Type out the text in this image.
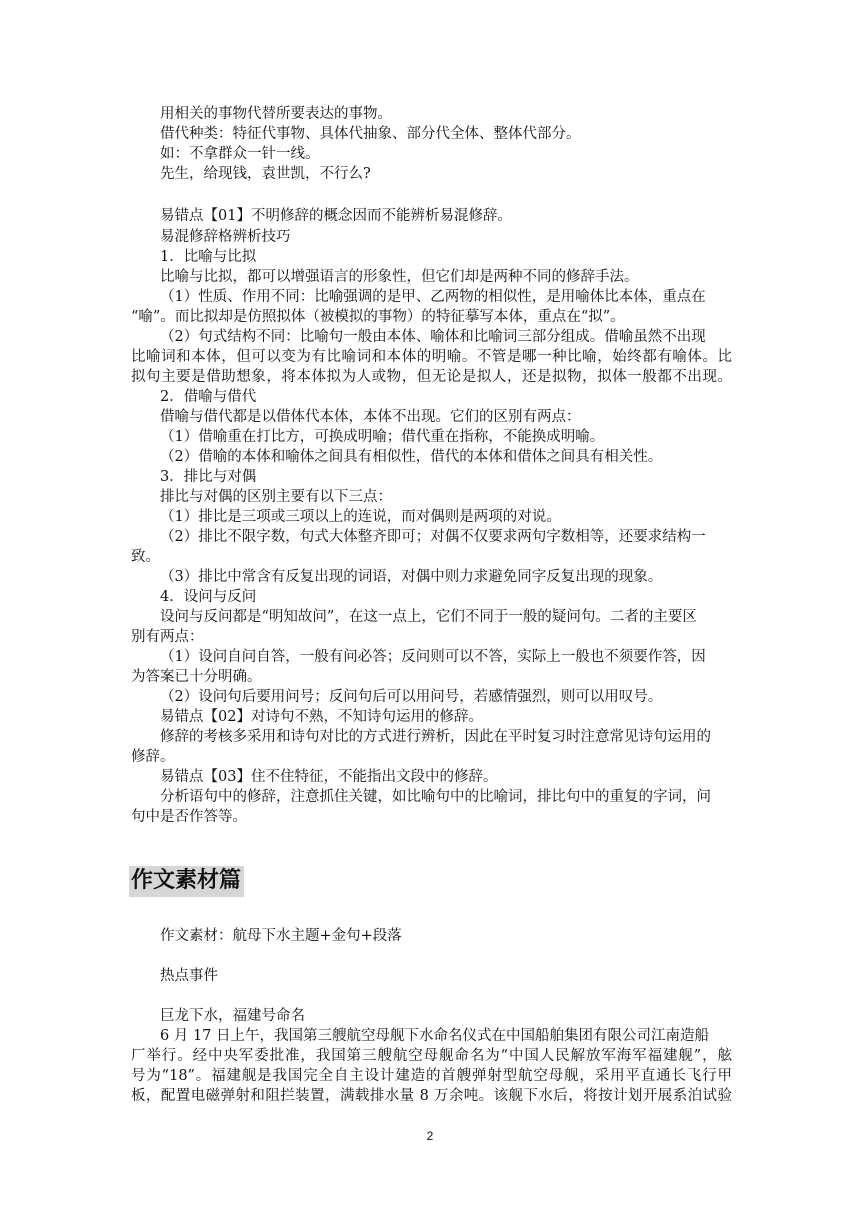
用相关的事物代替所要表达的事物。
借代种类：特征代事物、具体代抽象、部分代全体、整体代部分。
如：不拿群众一针一线。
先生，给现钱，袁世凯，不行么?
易错点【01】不明修辞的概念因而不能辨析易混修辞。
易混修辞格辨析技巧
1．比喻与比拟
比喻与比拟，都可以增强语言的形象性，但它们却是两种不同的修辞手法。
（1）性质、作用不同：比喻强调的是甲、乙两物的相似性，是用喻体比本体，重点在
“喻”。而比拟却是仿照拟体（被模拟的事物）的特征摹写本体，重点在“拟”。
（2）句式结构不同：比喻句一般由本体、喻体和比喻词三部分组成。借喻虽然不出现
比喻词和本体，但可以变为有比喻词和本体的明喻。不管是哪一种比喻，始终都有喻体。比
拟句主要是借助想象，将本体拟为人或物，但无论是拟人，还是拟物，拟体一般都不出现。
2．借喻与借代
借喻与借代都是以借体代本体，本体不出现。它们的区别有两点：
（1）借喻重在打比方，可换成明喻；借代重在指称，不能换成明喻。
（2）借喻的本体和喻体之间具有相似性，借代的本体和借体之间具有相关性。
3．排比与对偶
排比与对偶的区别主要有以下三点：
（1）排比是三项或三项以上的连说，而对偶则是两项的对说。
（2）排比不限字数，句式大体整齐即可；对偶不仅要求两句字数相等，还要求结构一
致。
（3）排比中常含有反复出现的词语，对偶中则力求避免同字反复出现的现象。
4．设问与反问
设问与反问都是“明知故问”，在这一点上，它们不同于一般的疑问句。二者的主要区
别有两点：
（1）设问自问自答，一般有问必答；反问则可以不答，实际上一般也不须要作答，因
为答案已十分明确。
（2）设问句后要用问号；反问句后可以用问号，若感情强烈，则可以用叹号。
易错点【02】对诗句不熟，不知诗句运用的修辞。
修辞的考核多采用和诗句对比的方式进行辨析，因此在平时复习时注意常见诗句运用的
修辞。
易错点【03】住不住特征，不能指出文段中的修辞。
分析语句中的修辞，注意抓住关键，如比喻句中的比喻词，排比句中的重复的字词，问
句中是否作答等。
作文素材篇
作文素材：航母下水主题+金句+段落
热点事件
巨龙下水，福建号命名
6 月 17 日上午，我国第三艘航空母舰下水命名仪式在中国船舶集团有限公司江南造船
厂举行。经中央军委批准，我国第三艘航空母舰命名为“中国人民解放军海军福建舰”，舷
号为“18”。福建舰是我国完全自主设计建造的首艘弹射型航空母舰，采用平直通长飞行甲
板，配置电磁弹射和阻拦装置，满载排水量 8 万余吨。该舰下水后，将按计划开展系泊试验
2
